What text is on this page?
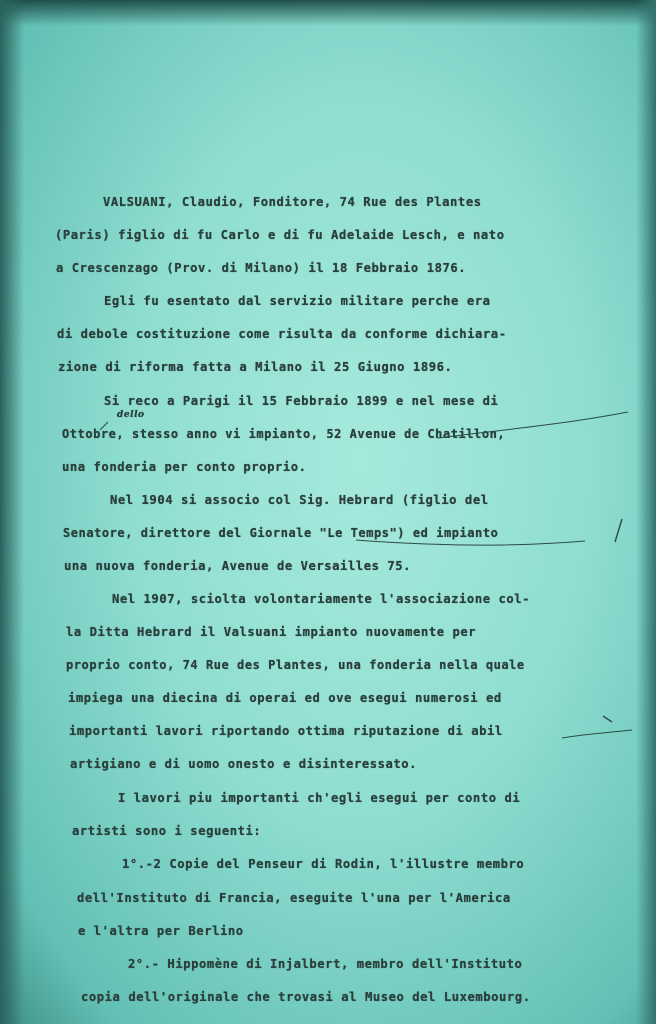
VALSUANI, Claudio, Fonditore, 74 Rue des Plantes
(Paris) figlio di fu Carlo e di fu Adelaide Lesch, e nato
a Crescenzago (Prov. di Milano) il 18 Febbraio 1876.
Egli fu esentato dal servizio militare perche era
di debole costituzione come risulta da conforme dichiara-
zione di riforma fatta a Milano il 25 Giugno 1896.
Si reco a Parigi il 15 Febbraio 1899 e nel mese di
Ottobre, stesso anno vi impianto, 52 Avenue de Chatillon,
una fonderia per conto proprio.
Nel 1904 si associo col Sig. Hebrard (figlio del
Senatore, direttore del Giornale "Le Temps") ed impianto
una nuova fonderia, Avenue de Versailles 75.
Nel 1907, sciolta volontariamente l'associazione col-
la Ditta Hebrard il Valsuani impianto nuovamente per
proprio conto, 74 Rue des Plantes, una fonderia nella quale
impiega una diecina di operai ed ove esegui numerosi ed
importanti lavori riportando ottima riputazione di abil
artigiano e di uomo onesto e disinteressato.
I lavori piu importanti ch'egli esegui per conto di
artisti sono i seguenti:
1°.-2 Copie del Penseur di Rodin, l'illustre membro
dell'Instituto di Francia, eseguite l'una per l'America
e l'altra per Berlino
2°.- Hippomène di Injalbert, membro dell'Instituto
copia dell'originale che trovasi al Museo del Luxembourg.
dello
